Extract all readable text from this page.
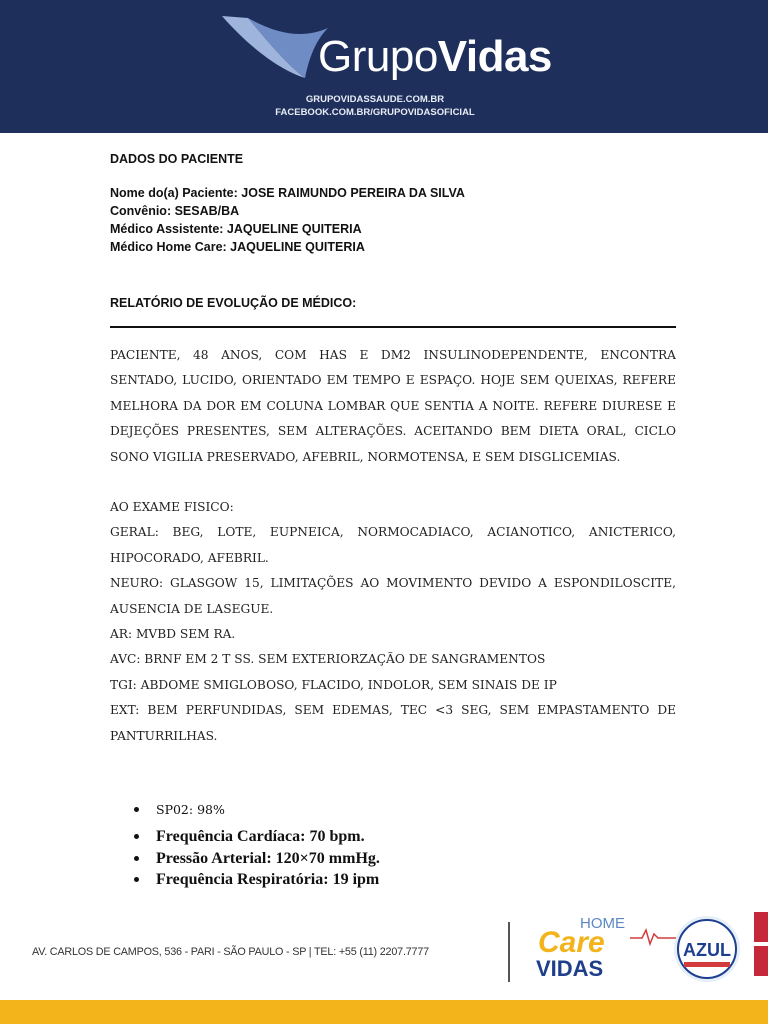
GrupoVidas
GRUPOVIDASSAUDE.COM.BR
FACEBOOK.COM.BR/GRUPOVIDASOFICIAL
DADOS DO PACIENTE
Nome do(a) Paciente: JOSE RAIMUNDO PEREIRA DA SILVA
Convênio: SESAB/BA
Médico Assistente: JAQUELINE QUITERIA
Médico Home Care: JAQUELINE QUITERIA
RELATÓRIO DE EVOLUÇÃO DE MÉDICO:

PACIENTE, 48 ANOS, COM HAS E DM2 INSULINODEPENDENTE, ENCONTRA SENTADO, LUCIDO, ORIENTADO EM TEMPO E ESPAÇO. HOJE SEM QUEIXAS, REFERE MELHORA DA DOR EM COLUNA LOMBAR QUE SENTIA A NOITE. REFERE DIURESE E DEJEÇÕES PRESENTES, SEM ALTERAÇÕES. ACEITANDO BEM DIETA ORAL, CICLO SONO VIGILIA PRESERVADO, AFEBRIL, NORMOTENSA, E SEM DISGLICEMIAS.

AO EXAME FISICO:

GERAL: BEG, LOTE, EUPNEICA, NORMOCADIACO, ACIANOTICO, ANICTERICO, HIPOCORADO, AFEBRIL.

NEURO: GLASGOW 15, LIMITAÇÕES AO MOVIMENTO DEVIDO A ESPONDILOSCITE, AUSENCIA DE LASEGUE.

AR: MVBD SEM RA.

AVC: BRNF EM 2 T SS. SEM EXTERIORZAÇÃO DE SANGRAMENTOS

TGI: ABDOME SMIGLOBOSO, FLACIDO, INDOLOR, SEM SINAIS DE IP

EXT: BEM PERFUNDIDAS, SEM EDEMAS, TEC <3 SEG, SEM EMPASTAMENTO DE PANTURRILHAS.

SP02: 98%
Frequência Cardíaca: 70 bpm.
Pressão Arterial: 120×70 mmHg.
Frequência Respiratória: 19 ipm
AV. CARLOS DE CAMPOS, 536 - PARI - SÃO PAULO - SP | TEL: +55 (11) 2207.7777
HOME
Care
VIDAS
AZUL
